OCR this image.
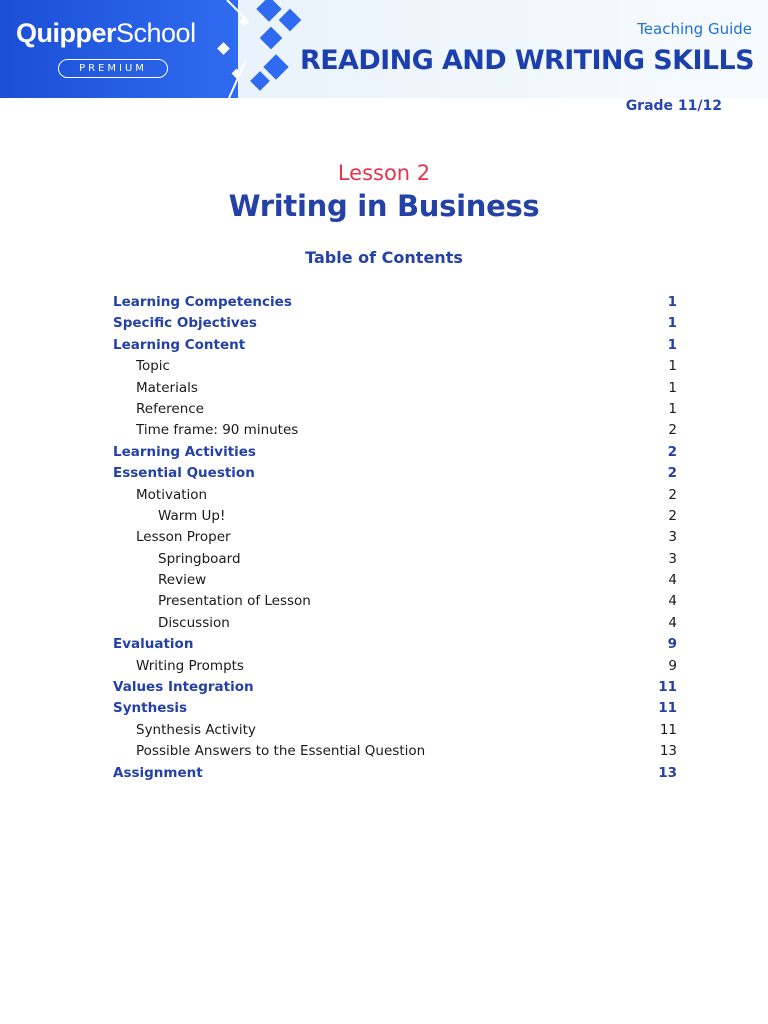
QuipperSchool
PREMIUM
Teaching Guide
READING AND WRITING SKILLS
Grade 11/12
Lesson 2
Writing in Business
Table of Contents
Learning Competencies	1
Specific Objectives	1
Learning Content	1
Topic	1
Materials	1
Reference	1
Time frame: 90 minutes	2
Learning Activities	2
Essential Question	2
Motivation	2
Warm Up!	2
Lesson Proper	3
Springboard	3
Review	4
Presentation of Lesson	4
Discussion	4
Evaluation	9
Writing Prompts	9
Values Integration	11
Synthesis	11
Synthesis Activity	11
Possible Answers to the Essential Question	13
Assignment	13
